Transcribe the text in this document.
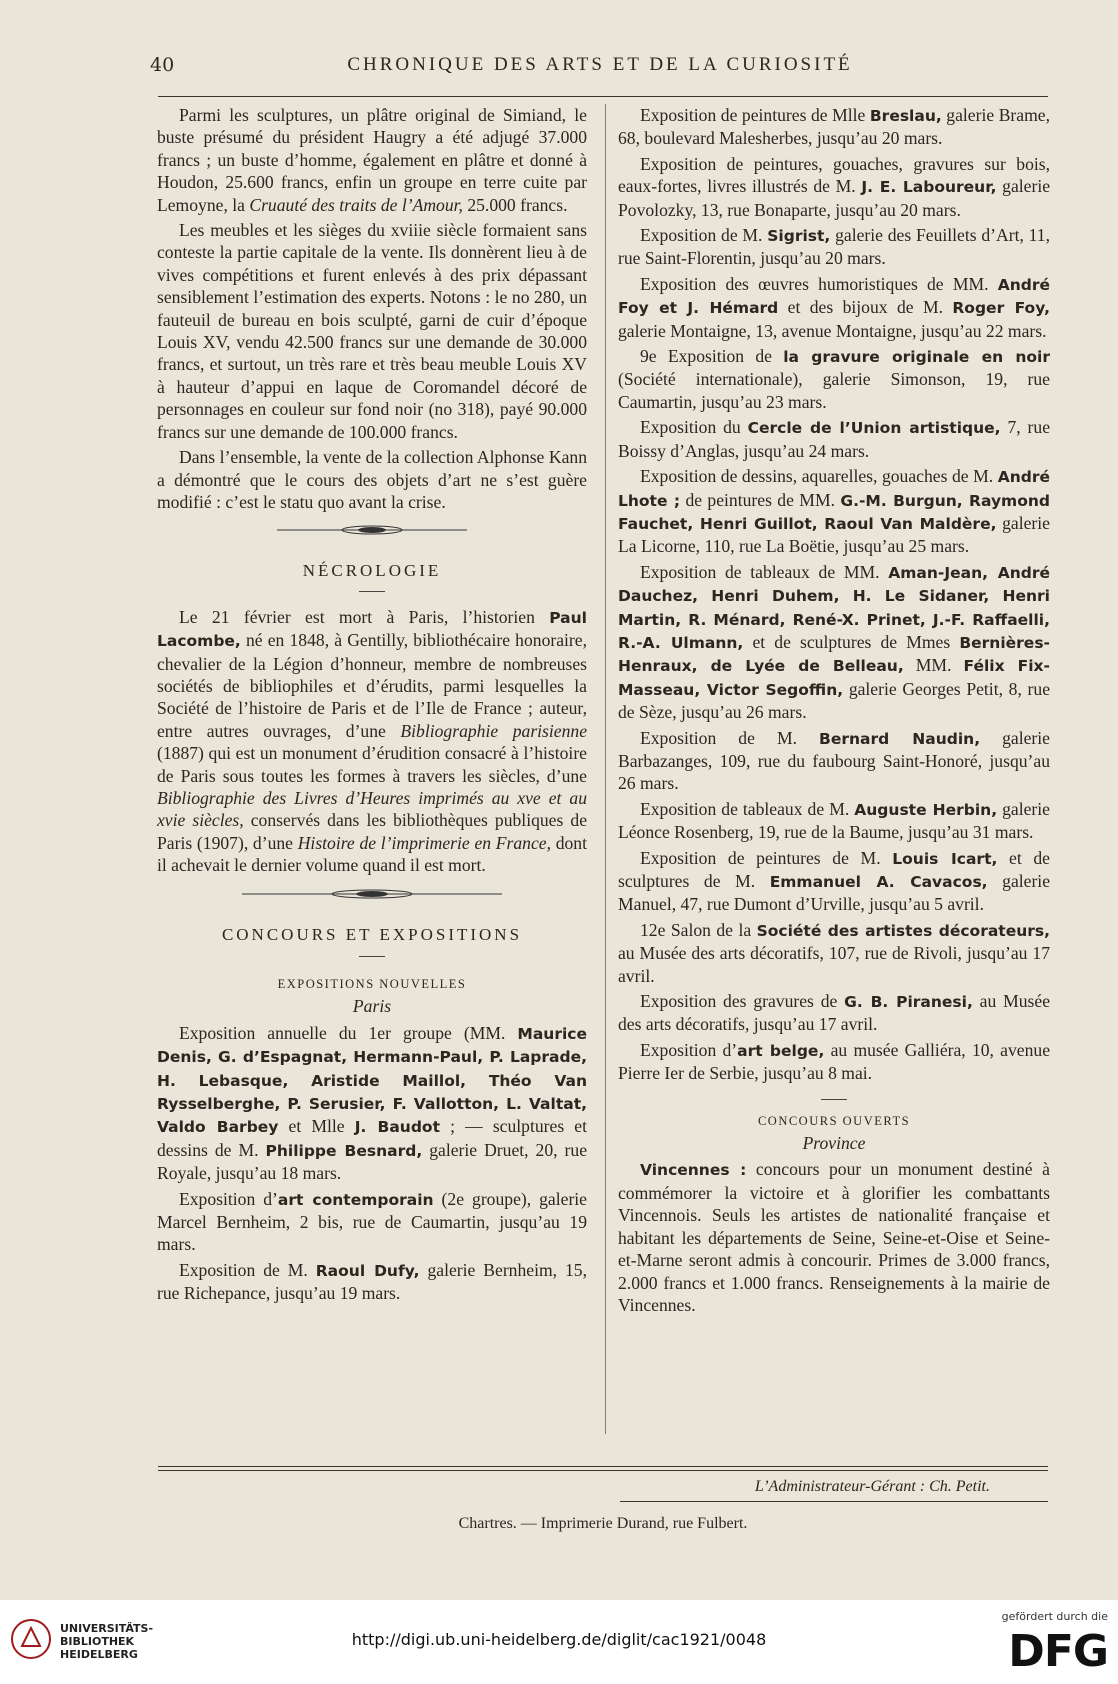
40	CHRONIQUE DES ARTS ET DE LA CURIOSITÉ

Parmi les sculptures, un plâtre original de Simiand, le buste présumé du président Haugry a été adjugé 37.000 francs ; un buste d’homme, également en plâtre et donné à Houdon, 25.600 francs, enfin un groupe en terre cuite par Lemoyne, la Cruauté des traits de l’Amour, 25.000 francs.

Les meubles et les sièges du xviiie siècle formaient sans conteste la partie capitale de la vente. Ils donnèrent lieu à de vives compétitions et furent enlevés à des prix dépassant sensiblement l’estimation des experts. Notons : le no 280, un fauteuil de bureau en bois sculpté, garni de cuir d’époque Louis XV, vendu 42.500 francs sur une demande de 30.000 francs, et surtout, un très rare et très beau meuble Louis XV à hauteur d’appui en laque de Coromandel décoré de personnages en couleur sur fond noir (no 318), payé 90.000 francs sur une demande de 100.000 francs.

Dans l’ensemble, la vente de la collection Alphonse Kann a démontré que le cours des objets d’art ne s’est guère modifié : c’est le statu quo avant la crise.

NÉCROLOGIE

Le 21 février est mort à Paris, l’historien Paul Lacombe, né en 1848, à Gentilly, bibliothécaire honoraire, chevalier de la Légion d’honneur, membre de nombreuses sociétés de bibliophiles et d’érudits, parmi lesquelles la Société de l’histoire de Paris et de l’Ile de France ; auteur, entre autres ouvrages, d’une Bibliographie parisienne (1887) qui est un monument d’érudition consacré à l’histoire de Paris sous toutes les formes à travers les siècles, d’une Bibliographie des Livres d’Heures imprimés au xve et au xvie siècles, conservés dans les bibliothèques publiques de Paris (1907), d’une Histoire de l’imprimerie en France, dont il achevait le dernier volume quand il est mort.

CONCOURS ET EXPOSITIONS

EXPOSITIONS NOUVELLES

Paris

Exposition annuelle du 1er groupe (MM. Maurice Denis, G. d’Espagnat, Hermann-Paul, P. Laprade, H. Lebasque, Aristide Maillol, Théo Van Rysselberghe, P. Serusier, F. Vallotton, L. Valtat, Valdo Barbey et Mlle J. Baudot ; — sculptures et dessins de M. Philippe Besnard, galerie Druet, 20, rue Royale, jusqu’au 18 mars.

Exposition d’art contemporain (2e groupe), galerie Marcel Bernheim, 2 bis, rue de Caumartin, jusqu’au 19 mars.

Exposition de M. Raoul Dufy, galerie Bernheim, 15, rue Richepance, jusqu’au 19 mars.

Exposition de peintures de Mlle Breslau, galerie Brame, 68, boulevard Malesherbes, jusqu’au 20 mars.

Exposition de peintures, gouaches, gravures sur bois, eaux-fortes, livres illustrés de M. J. E. Laboureur, galerie Povolozky, 13, rue Bonaparte, jusqu’au 20 mars.

Exposition de M. Sigrist, galerie des Feuillets d’Art, 11, rue Saint-Florentin, jusqu’au 20 mars.

Exposition des œuvres humoristiques de MM. André Foy et J. Hémard et des bijoux de M. Roger Foy, galerie Montaigne, 13, avenue Montaigne, jusqu’au 22 mars.

9e Exposition de la gravure originale en noir (Société internationale), galerie Simonson, 19, rue Caumartin, jusqu’au 23 mars.

Exposition du Cercle de l’Union artistique, 7, rue Boissy d’Anglas, jusqu’au 24 mars.

Exposition de dessins, aquarelles, gouaches de M. André Lhote ; de peintures de MM. G.-M. Burgun, Raymond Fauchet, Henri Guillot, Raoul Van Maldère, galerie La Licorne, 110, rue La Boëtie, jusqu’au 25 mars.

Exposition de tableaux de MM. Aman-Jean, André Dauchez, Henri Duhem, H. Le Sidaner, Henri Martin, R. Ménard, René-X. Prinet, J.-F. Raffaelli, R.-A. Ulmann, et de sculptures de Mmes Bernières-Henraux, de Lyée de Belleau, MM. Félix Fix-Masseau, Victor Segoffin, galerie Georges Petit, 8, rue de Sèze, jusqu’au 26 mars.

Exposition de M. Bernard Naudin, galerie Barbazanges, 109, rue du faubourg Saint-Honoré, jusqu’au 26 mars.

Exposition de tableaux de M. Auguste Herbin, galerie Léonce Rosenberg, 19, rue de la Baume, jusqu’au 31 mars.

Exposition de peintures de M. Louis Icart, et de sculptures de M. Emmanuel A. Cavacos, galerie Manuel, 47, rue Dumont d’Urville, jusqu’au 5 avril.

12e Salon de la Société des artistes décorateurs, au Musée des arts décoratifs, 107, rue de Rivoli, jusqu’au 17 avril.

Exposition des gravures de G. B. Piranesi, au Musée des arts décoratifs, jusqu’au 17 avril.

Exposition d’art belge, au musée Galliéra, 10, avenue Pierre Ier de Serbie, jusqu’au 8 mai.

CONCOURS OUVERTS

Province

Vincennes : concours pour un monument destiné à commémorer la victoire et à glorifier les combattants Vincennois. Seuls les artistes de nationalité française et habitant les départements de Seine, Seine-et-Oise et Seine-et-Marne seront admis à concourir. Primes de 3.000 francs, 2.000 francs et 1.000 francs. Renseignements à la mairie de Vincennes.

L’Administrateur-Gérant : Ch. Petit.
Chartres. — Imprimerie Durand, rue Fulbert.
UNIVERSITÄTS-
BIBLIOTHEK
HEIDELBERG
http://digi.ub.uni-heidelberg.de/diglit/cac1921/0048
gefördert durch die
DFG
